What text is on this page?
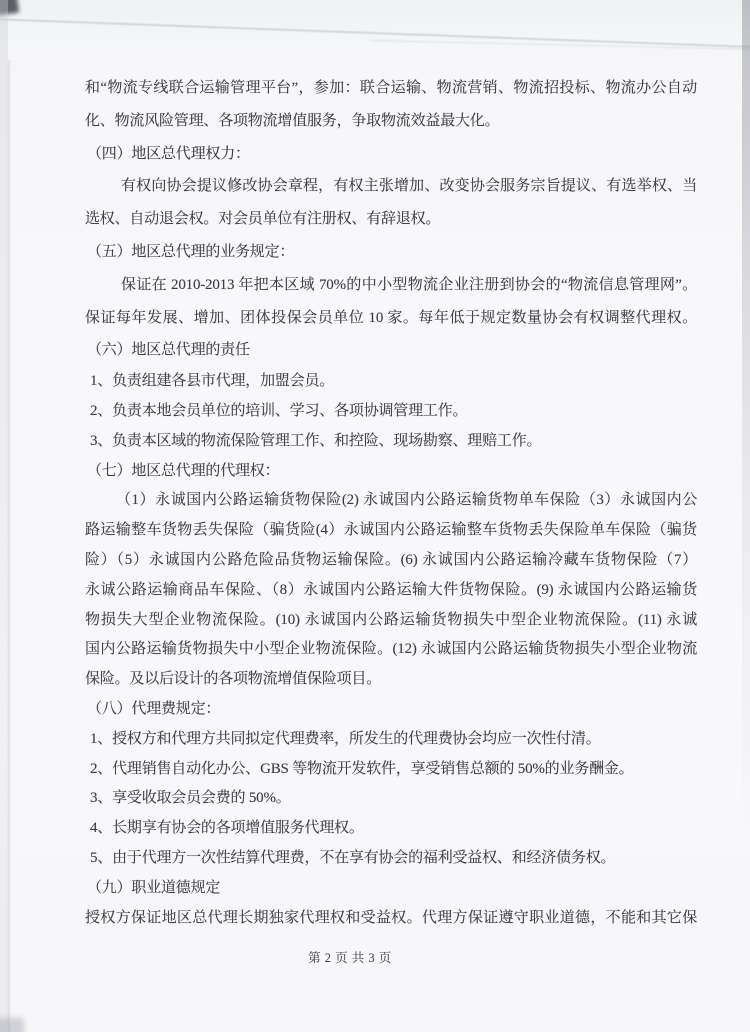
和“物流专线联合运输管理平台”，参加：联合运输、物流营销、物流招投标、物流办公自动
化、物流风险管理、各项物流增值服务，争取物流效益最大化。
（四）地区总代理权力：
有权向协会提议修改协会章程，有权主张增加、改变协会服务宗旨提议、有选举权、当
选权、自动退会权。对会员单位有注册权、有辞退权。
（五）地区总代理的业务规定：
保证在 2010-2013 年把本区域 70%的中小型物流企业注册到协会的“物流信息管理网”。
保证每年发展、增加、团体投保会员单位 10 家。每年低于规定数量协会有权调整代理权。
（六）地区总代理的责任
1、负责组建各县市代理，加盟会员。
2、负责本地会员单位的培训、学习、各项协调管理工作。
3、负责本区域的物流保险管理工作、和控险、现场勘察、理赔工作。
（七）地区总代理的代理权：
（1）永诚国内公路运输货物保险(2) 永诚国内公路运输货物单车保险（3）永诚国内公
路运输整车货物丢失保险（骗货险(4）永诚国内公路运输整车货物丢失保险单车保险（骗货
险）（5）永诚国内公路危险品货物运输保险。(6) 永诚国内公路运输冷藏车货物保险（7）
永诚公路运输商品车保险、（8）永诚国内公路运输大件货物保险。(9) 永诚国内公路运输货
物损失大型企业物流保险。(10) 永诚国内公路运输货物损失中型企业物流保险。(11) 永诚
国内公路运输货物损失中小型企业物流保险。(12) 永诚国内公路运输货物损失小型企业物流
保险。及以后设计的各项物流增值保险项目。
（八）代理费规定：
1、授权方和代理方共同拟定代理费率，所发生的代理费协会均应一次性付清。
2、代理销售自动化办公、GBS 等物流开发软件，享受销售总额的 50%的业务酬金。
3、享受收取会员会费的 50%。
4、长期享有协会的各项增值服务代理权。
5、由于代理方一次性结算代理费，不在享有协会的福利受益权、和经济债务权。
（九）职业道德规定
授权方保证地区总代理长期独家代理权和受益权。代理方保证遵守职业道德，不能和其它保
第 2 页 共 3 页
